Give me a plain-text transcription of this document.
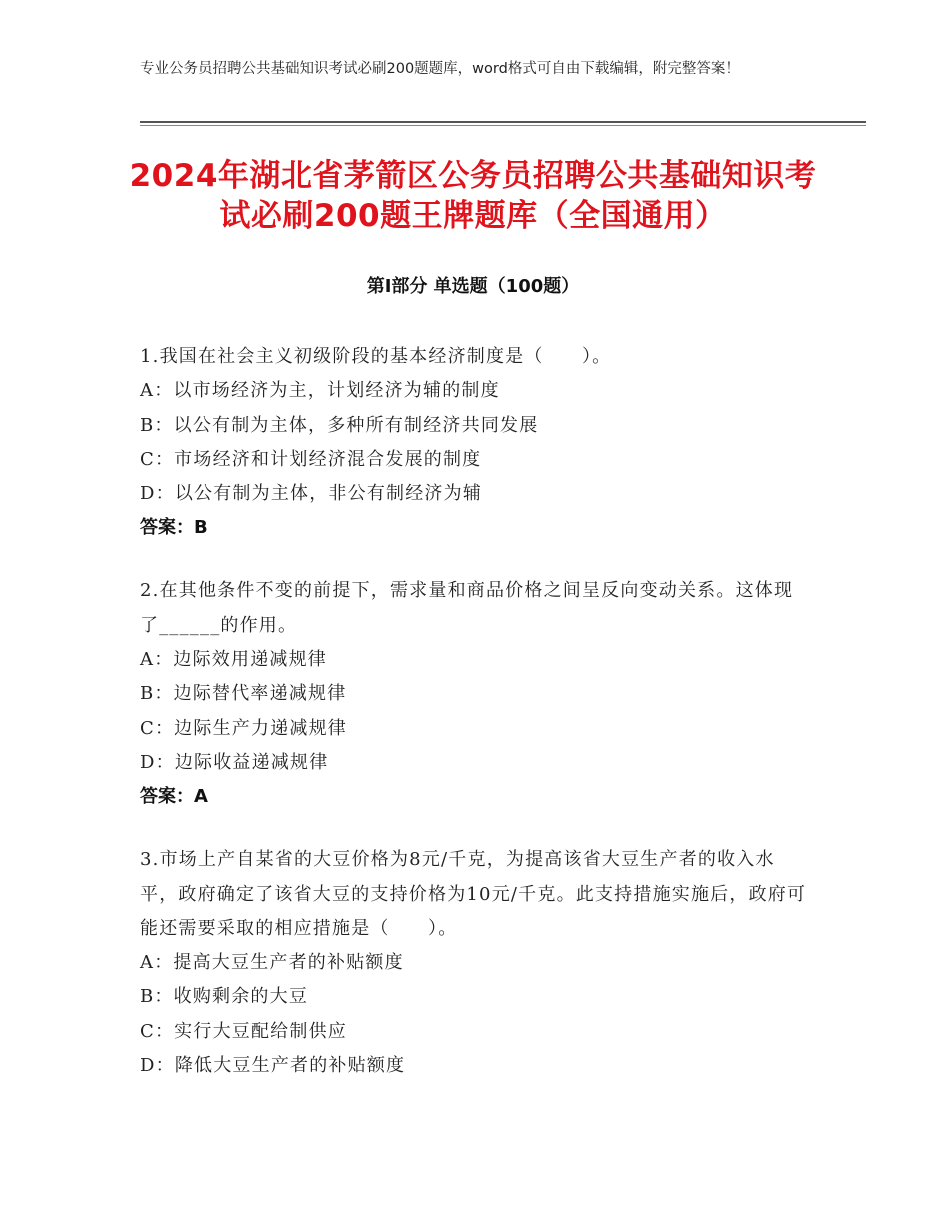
专业公务员招聘公共基础知识考试必刷200题题库，word格式可自由下载编辑，附完整答案！
2024年湖北省茅箭区公务员招聘公共基础知识考试必刷200题王牌题库（全国通用）
第Ⅰ部分 单选题（100题）
1.我国在社会主义初级阶段的基本经济制度是（　　）。
A：以市场经济为主，计划经济为辅的制度
B：以公有制为主体，多种所有制经济共同发展
C：市场经济和计划经济混合发展的制度
D：以公有制为主体，非公有制经济为辅
答案：B
2.在其他条件不变的前提下，需求量和商品价格之间呈反向变动关系。这体现了______的作用。
A：边际效用递减规律
B：边际替代率递减规律
C：边际生产力递减规律
D：边际收益递减规律
答案：A
3.市场上产自某省的大豆价格为8元/千克，为提高该省大豆生产者的收入水平，政府确定了该省大豆的支持价格为10元/千克。此支持措施实施后，政府可能还需要采取的相应措施是（　　）。
A：提高大豆生产者的补贴额度
B：收购剩余的大豆
C：实行大豆配给制供应
D：降低大豆生产者的补贴额度
